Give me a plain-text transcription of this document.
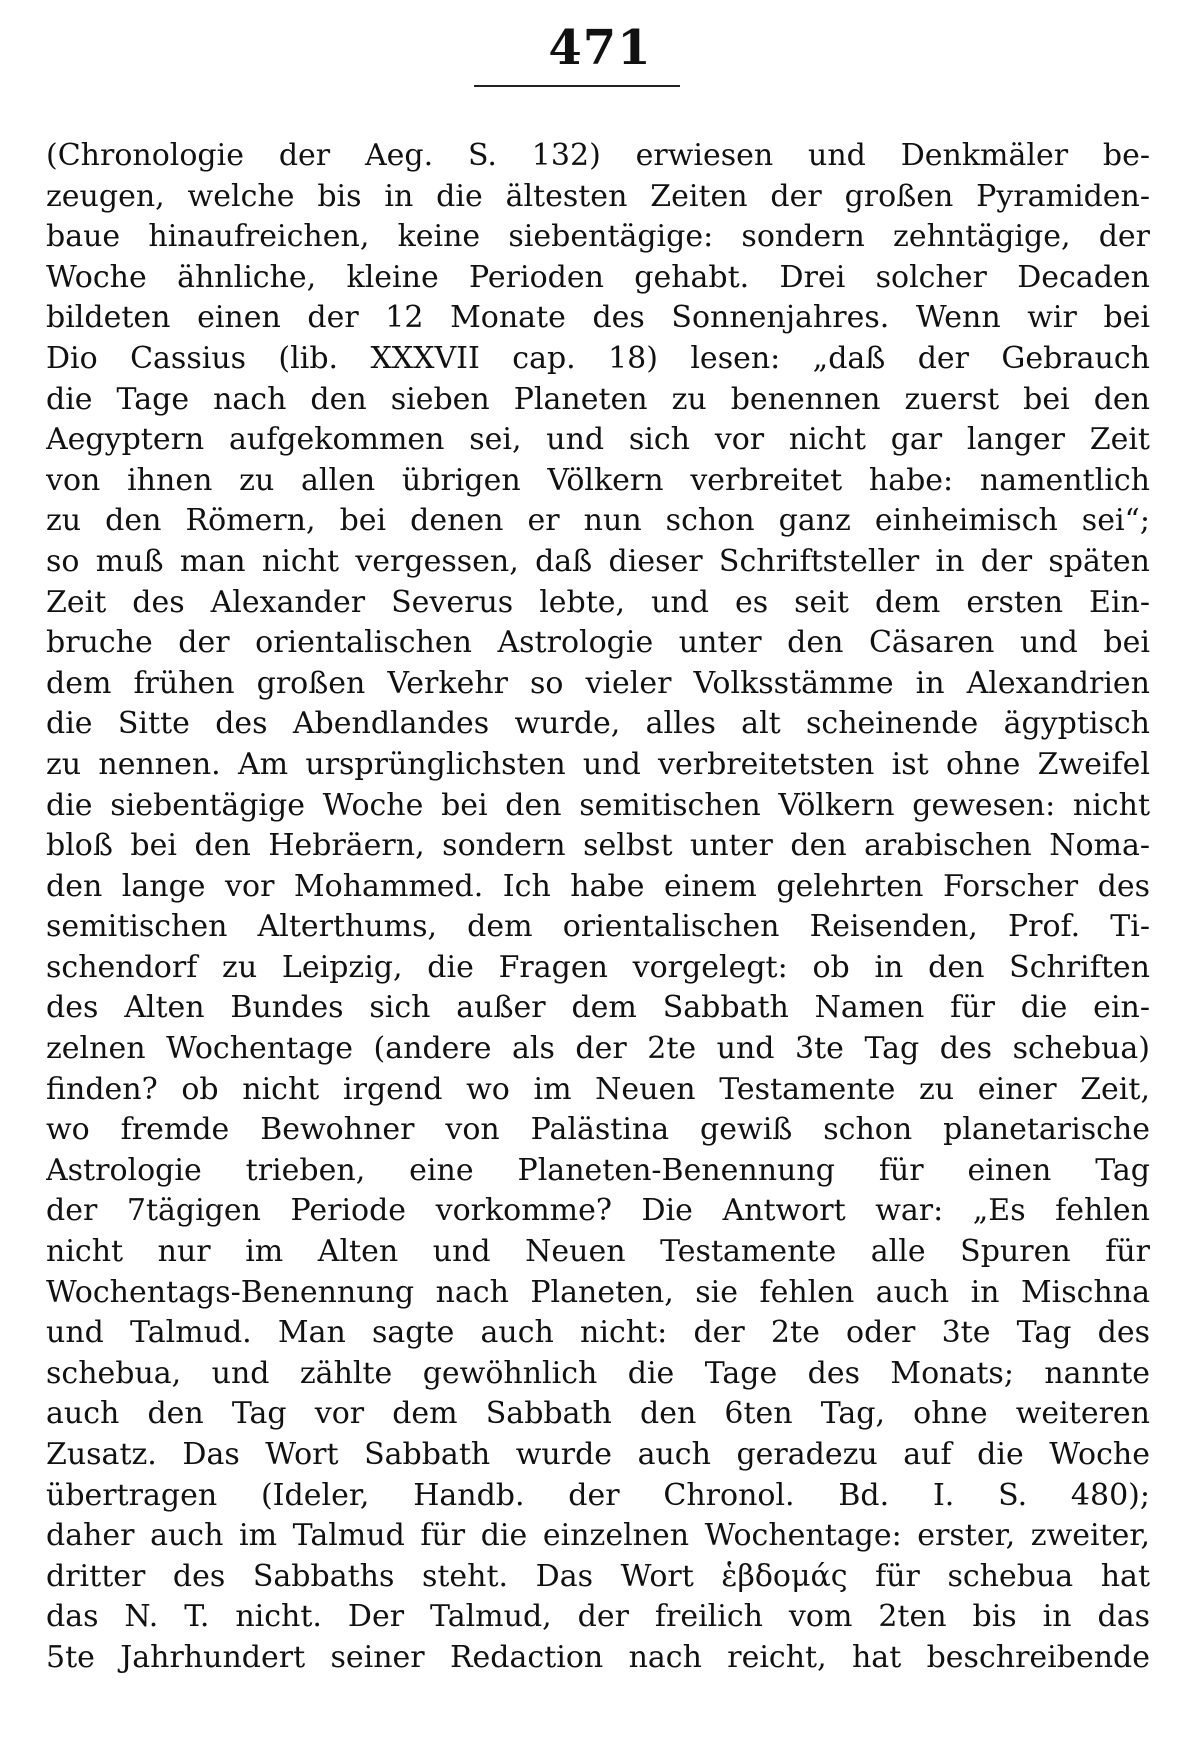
471
(Chronologie der Aeg. S. 132) erwiesen und Denkmäler be-
zeugen, welche bis in die ältesten Zeiten der großen Pyramiden-
baue hinaufreichen, keine siebentägige: sondern zehntägige, der
Woche ähnliche, kleine Perioden gehabt. Drei solcher Decaden
bildeten einen der 12 Monate des Sonnenjahres. Wenn wir bei
Dio Cassius (lib. XXXVII cap. 18) lesen: „daß der Gebrauch
die Tage nach den sieben Planeten zu benennen zuerst bei den
Aegyptern aufgekommen sei, und sich vor nicht gar langer Zeit
von ihnen zu allen übrigen Völkern verbreitet habe: namentlich
zu den Römern, bei denen er nun schon ganz einheimisch sei“;
so muß man nicht vergessen, daß dieser Schriftsteller in der späten
Zeit des Alexander Severus lebte, und es seit dem ersten Ein-
bruche der orientalischen Astrologie unter den Cäsaren und bei
dem frühen großen Verkehr so vieler Volksstämme in Alexandrien
die Sitte des Abendlandes wurde, alles alt scheinende ägyptisch
zu nennen. Am ursprünglichsten und verbreitetsten ist ohne Zweifel
die siebentägige Woche bei den semitischen Völkern gewesen: nicht
bloß bei den Hebräern, sondern selbst unter den arabischen Noma-
den lange vor Mohammed. Ich habe einem gelehrten Forscher des
semitischen Alterthums, dem orientalischen Reisenden, Prof. Ti-
schendorf zu Leipzig, die Fragen vorgelegt: ob in den Schriften
des Alten Bundes sich außer dem Sabbath Namen für die ein-
zelnen Wochentage (andere als der 2te und 3te Tag des schebua)
finden? ob nicht irgend wo im Neuen Testamente zu einer Zeit,
wo fremde Bewohner von Palästina gewiß schon planetarische
Astrologie trieben, eine Planeten-Benennung für einen Tag
der 7tägigen Periode vorkomme? Die Antwort war: „Es fehlen
nicht nur im Alten und Neuen Testamente alle Spuren für
Wochentags-Benennung nach Planeten, sie fehlen auch in Mischna
und Talmud. Man sagte auch nicht: der 2te oder 3te Tag des
schebua, und zählte gewöhnlich die Tage des Monats; nannte
auch den Tag vor dem Sabbath den 6ten Tag, ohne weiteren
Zusatz. Das Wort Sabbath wurde auch geradezu auf die Woche
übertragen (Ideler, Handb. der Chronol. Bd. I. S. 480);
daher auch im Talmud für die einzelnen Wochentage: erster, zweiter,
dritter des Sabbaths steht. Das Wort ἑβδομάς für schebua hat
das N. T. nicht. Der Talmud, der freilich vom 2ten bis in das
5te Jahrhundert seiner Redaction nach reicht, hat beschreibende
